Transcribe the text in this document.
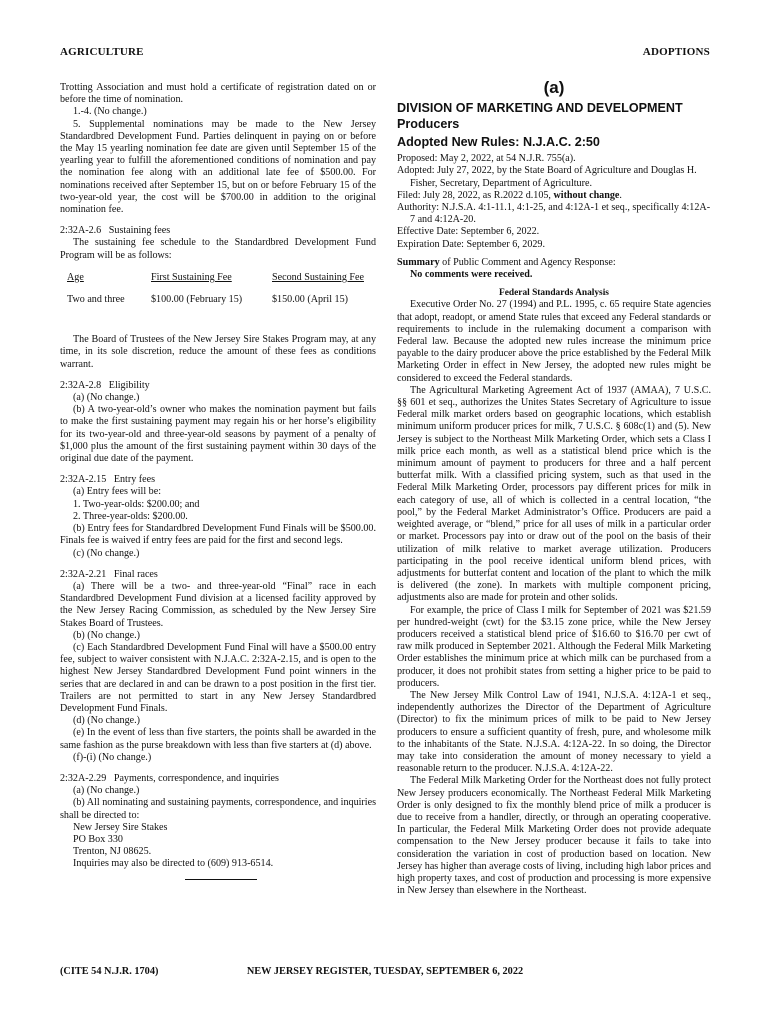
AGRICULTURE	ADOPTIONS

Trotting Association and must hold a certificate of registration dated on or before the time of nomination.

1.-4. (No change.)

5. Supplemental nominations may be made to the New Jersey Standardbred Development Fund. Parties delinquent in paying on or before the May 15 yearling nomination fee date are given until September 15 of the yearling year to fulfill the aforementioned conditions of nomination and pay the nomination fee along with an additional late fee of $500.00. For nominations received after September 15, but on or before February 15 of the two-year-old year, the cost will be $700.00 in addition to the original nomination fee.

2:32A-2.6   Sustaining fees

The sustaining fee schedule to the Standardbred Development Fund Program will be as follows:

Age	First Sustaining Fee	Second Sustaining Fee
Two and three	$100.00 (February 15)	$150.00 (April 15)

The Board of Trustees of the New Jersey Sire Stakes Program may, at any time, in its sole discretion, reduce the amount of these fees as conditions warrant.

2:32A-2.8   Eligibility

(a) (No change.)

(b) A two-year-old’s owner who makes the nomination payment but fails to make the first sustaining payment may regain his or her horse’s eligibility for its two-year-old and three-year-old seasons by payment of a penalty of $1,000 plus the amount of the first sustaining payment within 30 days of the original due date of the payment.

2:32A-2.15   Entry fees

(a) Entry fees will be:

1. Two-year-olds: $200.00; and

2. Three-year-olds: $200.00.

(b) Entry fees for Standardbred Development Fund Finals will be $500.00. Finals fee is waived if entry fees are paid for the first and second legs.

(c) (No change.)

2:32A-2.21   Final races

(a) There will be a two- and three-year-old “Final” race in each Standardbred Development Fund division at a licensed facility approved by the New Jersey Racing Commission, as scheduled by the New Jersey Sire Stakes Board of Trustees.

(b) (No change.)

(c) Each Standardbred Development Fund Final will have a $500.00 entry fee, subject to waiver consistent with N.J.A.C. 2:32A-2.15, and is open to the highest New Jersey Standardbred Development Fund point winners in the series that are declared in and can be drawn to a post position in the first tier. Trailers are not permitted to start in any New Jersey Standardbred Development Fund Finals.

(d) (No change.)

(e) In the event of less than five starters, the points shall be awarded in the same fashion as the purse breakdown with less than five starters at (d) above.

(f)-(i) (No change.)

2:32A-2.29   Payments, correspondence, and inquiries

(a) (No change.)

(b) All nominating and sustaining payments, correspondence, and inquiries shall be directed to:

New Jersey Sire Stakes

PO Box 330

Trenton, NJ 08625.

Inquiries may also be directed to (609) 913-6514.

(a)
DIVISION OF MARKETING AND DEVELOPMENT
Producers
Adopted New Rules: N.J.A.C. 2:50

Proposed: May 2, 2022, at 54 N.J.R. 755(a).

Adopted: July 27, 2022, by the State Board of Agriculture and Douglas H. Fisher, Secretary, Department of Agriculture.

Filed: July 28, 2022, as R.2022 d.105, without change.

Authority: N.J.S.A. 4:1-11.1, 4:1-25, and 4:12A-1 et seq., specifically 4:12A-7 and 4:12A-20.

Effective Date: September 6, 2022.

Expiration Date: September 6, 2029.

Summary of Public Comment and Agency Response:

No comments were received.

Federal Standards Analysis

Executive Order No. 27 (1994) and P.L. 1995, c. 65 require State agencies that adopt, readopt, or amend State rules that exceed any Federal standards or requirements to include in the rulemaking document a comparison with Federal law. Because the adopted new rules increase the minimum price payable to the dairy producer above the price established by the Federal Milk Marketing Order in effect in New Jersey, the adopted new rules might be considered to exceed the Federal standards.

The Agricultural Marketing Agreement Act of 1937 (AMAA), 7 U.S.C. §§ 601 et seq., authorizes the Unites States Secretary of Agriculture to issue Federal milk market orders based on geographic locations, which establish minimum uniform producer prices for milk, 7 U.S.C. § 608c(1) and (5). New Jersey is subject to the Northeast Milk Marketing Order, which sets a Class I milk price each month, as well as a statistical blend price which is the minimum amount of payment to producers for three and a half percent butterfat milk. With a classified pricing system, such as that used in the Federal Milk Marketing Order, processors pay different prices for milk in each category of use, all of which is collected in a central location, “the pool,” by the Federal Market Administrator’s Office. Producers are paid a weighted average, or “blend,” price for all uses of milk in a particular order or market. Processors pay into or draw out of the pool on the basis of their utilization of milk relative to market average utilization. Producers participating in the pool receive identical uniform blend prices, with adjustments for butterfat content and location of the plant to which the milk is delivered (the zone). In markets with multiple component pricing, adjustments also are made for protein and other solids.

For example, the price of Class I milk for September of 2021 was $21.59 per hundred-weight (cwt) for the $3.15 zone price, while the New Jersey producers received a statistical blend price of $16.60 to $16.70 per cwt of raw milk produced in September 2021. Although the Federal Milk Marketing Order establishes the minimum price at which milk can be purchased from a producer, it does not prohibit states from setting a higher price to be paid to producers.

The New Jersey Milk Control Law of 1941, N.J.S.A. 4:12A-1 et seq., independently authorizes the Director of the Department of Agriculture (Director) to fix the minimum prices of milk to be paid to New Jersey producers to ensure a sufficient quantity of fresh, pure, and wholesome milk to the inhabitants of the State. N.J.S.A. 4:12A-22. In so doing, the Director may take into consideration the amount of money necessary to yield a reasonable return to the producer. N.J.S.A. 4:12A-22.

The Federal Milk Marketing Order for the Northeast does not fully protect New Jersey producers economically. The Northeast Federal Milk Marketing Order is only designed to fix the monthly blend price of milk a producer is due to receive from a handler, directly, or through an operating cooperative. In particular, the Federal Milk Marketing Order does not provide adequate compensation to the New Jersey producer because it fails to take into consideration the variation in cost of production based on location. New Jersey has higher than average costs of living, including high labor prices and high property taxes, and cost of production and processing is more expensive in New Jersey than elsewhere in the Northeast.

NEW JERSEY REGISTER, TUESDAY, SEPTEMBER 6, 2022
(CITE 54 N.J.R. 1704)
